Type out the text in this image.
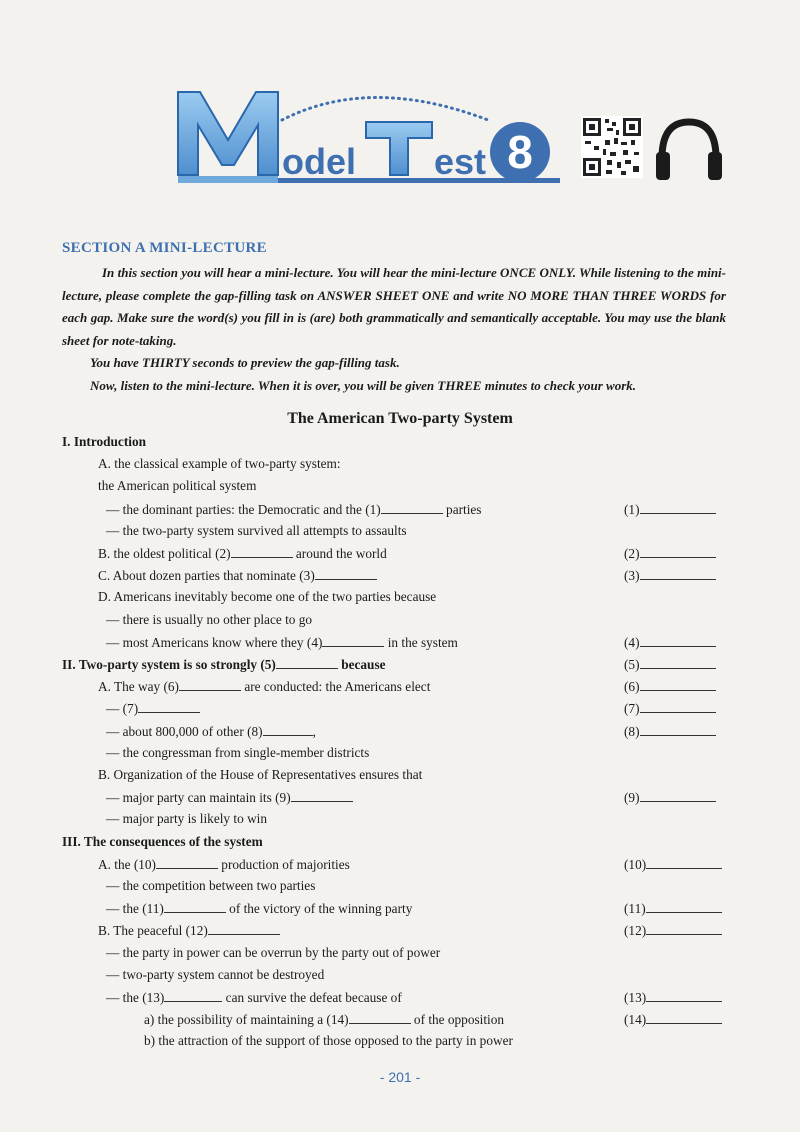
odel est 8
SECTION A MINI-LECTURE

In this section you will hear a mini-lecture. You will hear the mini-lecture ONCE ONLY. While listening to the mini-lecture, please complete the gap-filling task on ANSWER SHEET ONE and write NO MORE THAN THREE WORDS for each gap. Make sure the word(s) you fill in is (are) both grammatically and semantically acceptable. You may use the blank sheet for note-taking.

You have THIRTY seconds to preview the gap-filling task.

Now, listen to the mini-lecture. When it is over, you will be given THREE minutes to check your work.

The American Two-party System
I. Introduction
A. the classical example of two-party system:
the American political system
— the dominant parties: the Democratic and the (1)	parties	(1)
— the two-party system survived all attempts to assaults
B. the oldest political (2)	around the world	(2)
C. About dozen parties that nominate (3)	(3)
D. Americans inevitably become one of the two parties because
— there is usually no other place to go
— most Americans know where they (4)	in the system	(4)
II. Two-party system is so strongly (5)	because	(5)
A. The way (6)	are conducted: the Americans elect	(6)
— (7)	(7)
— about 800,000 of other (8)	,	(8)
— the congressman from single-member districts
B. Organization of the House of Representatives ensures that
— major party can maintain its (9)	(9)
— major party is likely to win
III. The consequences of the system
A. the (10)	production of majorities	(10)
— the competition between two parties
— the (11)	of the victory of the winning party	(11)
B. The peaceful (12)	(12)
— the party in power can be overrun by the party out of power
— two-party system cannot be destroyed
— the (13)	can survive the defeat because of	(13)
a) the possibility of maintaining a (14)	of the opposition	(14)
b) the attraction of the support of those opposed to the party in power
- 201 -
